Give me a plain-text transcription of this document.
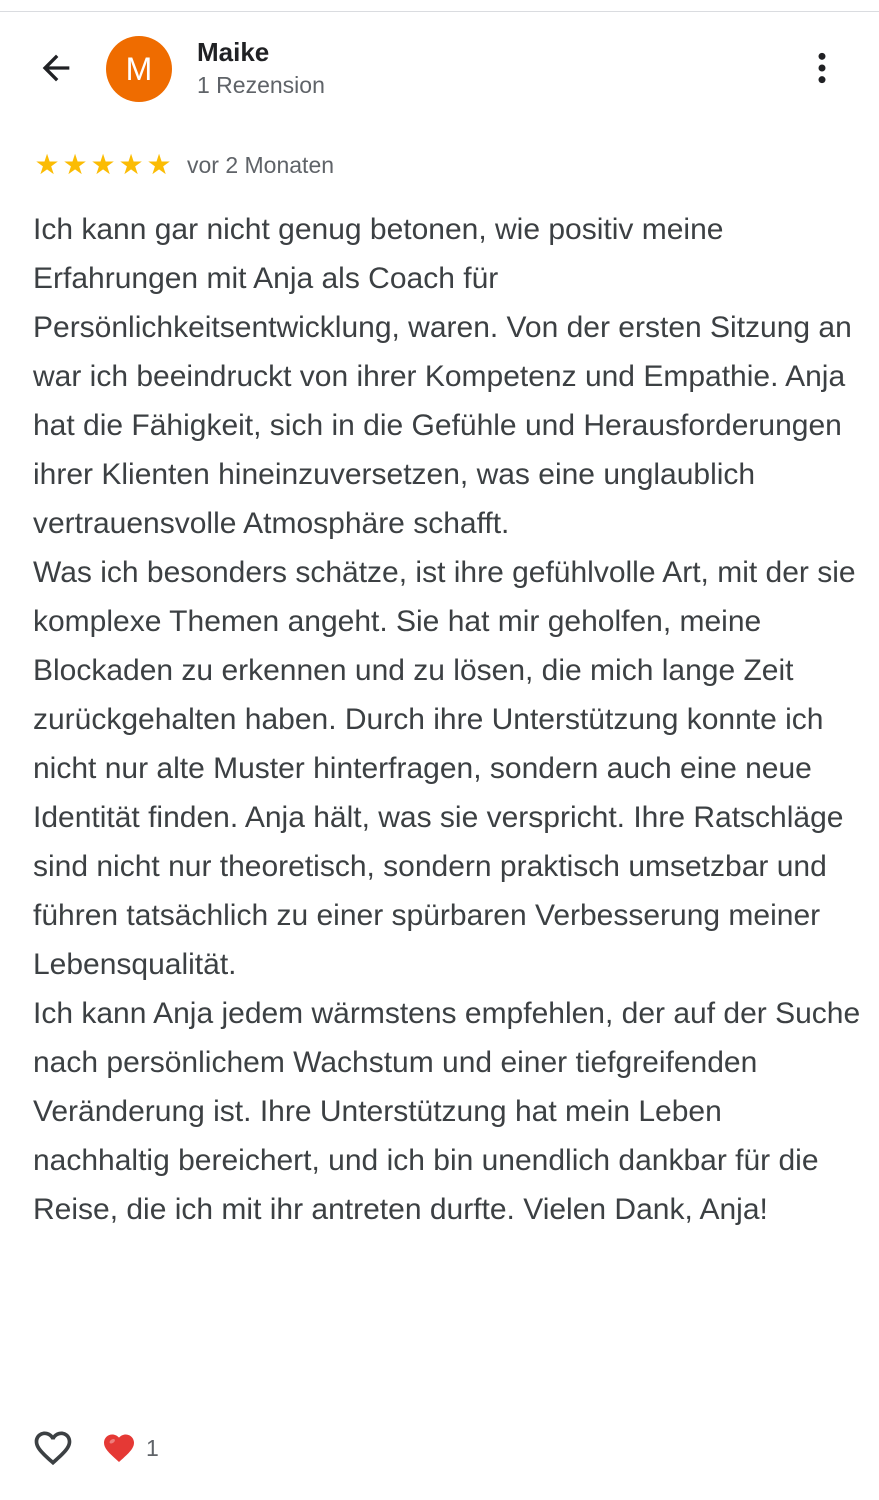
M Maike
1 Rezension
★ ★ ★ ★ ★ vor 2 Monaten
Ich kann gar nicht genug betonen, wie positiv meine Erfahrungen mit Anja als Coach für Persönlichkeitsentwicklung, waren. Von der ersten Sitzung an war ich beeindruckt von ihrer Kompetenz und Empathie. Anja hat die Fähigkeit, sich in die Gefühle und Herausforderungen ihrer Klienten hineinzuversetzen, was eine unglaublich vertrauensvolle Atmosphäre schafft.
Was ich besonders schätze, ist ihre gefühlvolle Art, mit der sie komplexe Themen angeht. Sie hat mir geholfen, meine Blockaden zu erkennen und zu lösen, die mich lange Zeit zurückgehalten haben. Durch ihre Unterstützung konnte ich nicht nur alte Muster hinterfragen, sondern auch eine neue Identität finden. Anja hält, was sie verspricht. Ihre Ratschläge sind nicht nur theoretisch, sondern praktisch umsetzbar und führen tatsächlich zu einer spürbaren Verbesserung meiner Lebensqualität.
Ich kann Anja jedem wärmstens empfehlen, der auf der Suche nach persönlichem Wachstum und einer tiefgreifenden Veränderung ist. Ihre Unterstützung hat mein Leben nachhaltig bereichert, und ich bin unendlich dankbar für die Reise, die ich mit ihr antreten durfte. Vielen Dank, Anja!
1
